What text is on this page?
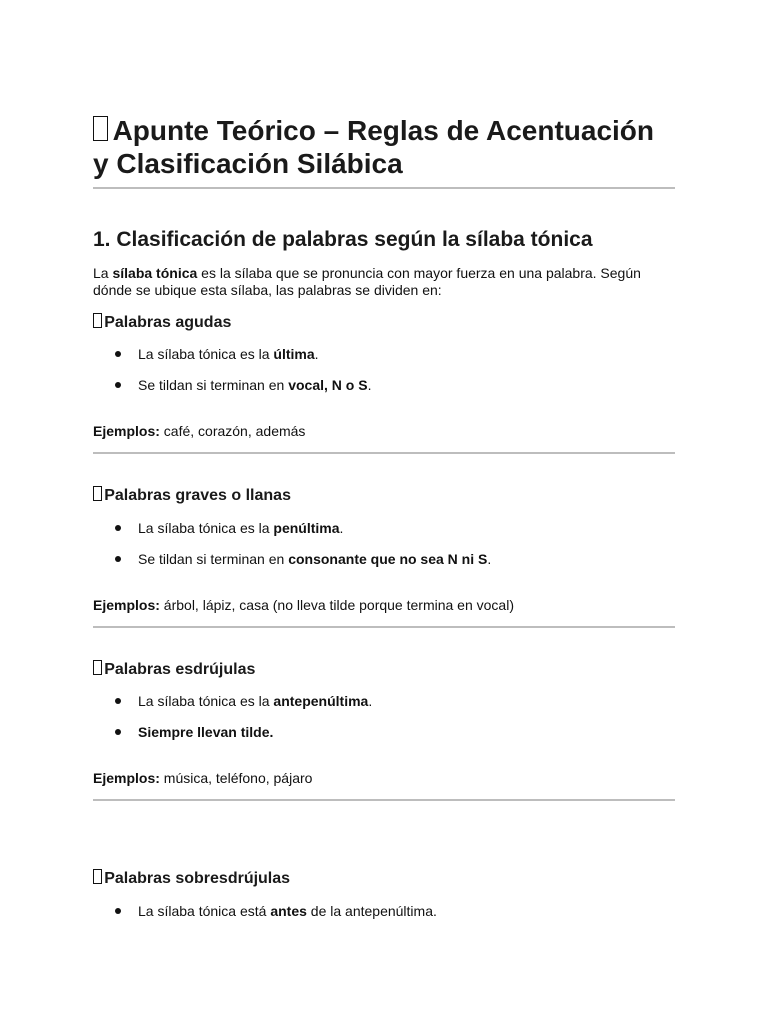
Apunte Teórico – Reglas de Acentuación y Clasificación Silábica
1. Clasificación de palabras según la sílaba tónica

La sílaba tónica es la sílaba que se pronuncia con mayor fuerza en una palabra. Según dónde se ubique esta sílaba, las palabras se dividen en:

Palabras agudas

La sílaba tónica es la última.

Se tildan si terminan en vocal, N o S.

Ejemplos: café, corazón, además

Palabras graves o llanas

La sílaba tónica es la penúltima.

Se tildan si terminan en consonante que no sea N ni S.

Ejemplos: árbol, lápiz, casa (no lleva tilde porque termina en vocal)

Palabras esdrújulas

La sílaba tónica es la antepenúltima.

Siempre llevan tilde.

Ejemplos: música, teléfono, pájaro

Palabras sobresdrújulas

La sílaba tónica está antes de la antepenúltima.
